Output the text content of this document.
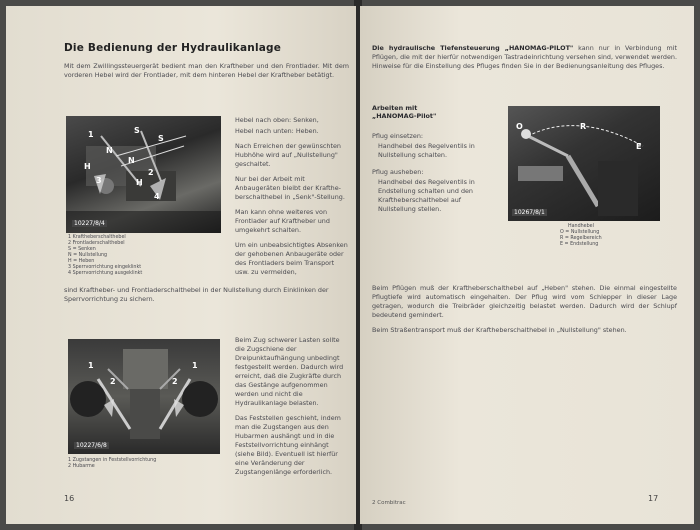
Die Bedienung der Hydraulikanlage
Mit dem Zwillingssteuergerät bedient man den Kraftheber und den Frontlader. Mit dem vorderen Hebel wird der Frontlader, mit dem hinteren Hebel der Kraftheber betätigt.
1
2
3
4
S
S
N
N
H
H
10227/8/4
1 Kraftheberschalthebel
2 Frontladerschalthebel
S = Senken
N = Nullstellung
H = Heben
3 Sperrvorrichtung eingeklinkt
4 Sperrvorrichtung ausgeklinkt

Hebel nach oben: Senken,

Hebel nach unten: Heben.

Nach Erreichen der gewünschten Hubhöhe wird auf „Nullstellung" geschaltet.

Nur bei der Arbeit mit Anbaugeräten bleibt der Kraftheberschalthebel in „Senk"-Stellung.

Man kann ohne weiteres von Frontlader auf Kraftheber und umgekehrt schalten.

Um ein unbeabsichtigtes Absenken der gehobenen Anbaugeräte oder des Frontladers beim Transport usw. zu vermeiden,

sind Kraftheber- und Frontladerschalthebel in der Nullstellung durch Einklinken der Sperrvorrichtung zu sichern.
1	1
2	2
10227/6/8
1 Zugstangen in Feststellvorrichtung
2 Hubarme

Beim Zug schwerer Lasten sollte die Zugschiene der Dreipunktaufhängung unbedingt festgestellt werden. Dadurch wird erreicht, daß die Zugkräfte durch das Gestänge aufgenommen werden und nicht die Hydraulikanlage belasten.

Das Feststellen geschieht, indem man die Zugstangen aus den Hubarmen aushängt und in die Feststellvorrichtung einhängt (siehe Bild). Eventuell ist hierfür eine Veränderung der Zugstangenlänge erforderlich.

16
Die hydraulische Tiefensteuerung „HANOMAG-PILOT" kann nur in Verbindung mit Pflügen, die mit der hierfür notwendigen Tastradeinrichtung versehen sind, verwendet werden. Hinweise für die Einstellung des Pfluges finden Sie in der Bedienungsanleitung des Pfluges.
Arbeiten mit
„HANOMAG-Pilot"
Pflug einsetzen:
Handhebel des Regelventils in Nullstellung schalten.
Pflug ausheben:
Handhebel des Regelventils in Endstellung schalten und den Kraftheberschalthebel auf Nullstellung stellen.
O	R
E
10267/8/1
Handhebel
O = Nullstellung
R = Regelbereich
E = Endstellung
Beim Pflügen muß der Kraftheberschalthebel auf „Heben" stehen. Die einmal eingestellte Pflugtiefe wird automatisch eingehalten. Der Pflug wird vom Schlepper in dieser Lage getragen, wodurch die Treibräder gleichzeitig belastet werden. Dadurch wird der Schlupf bedeutend gemindert.
Beim Straßentransport muß der Kraftheberschalthebel in „Nullstellung" stehen.
2 Combitrac	17
